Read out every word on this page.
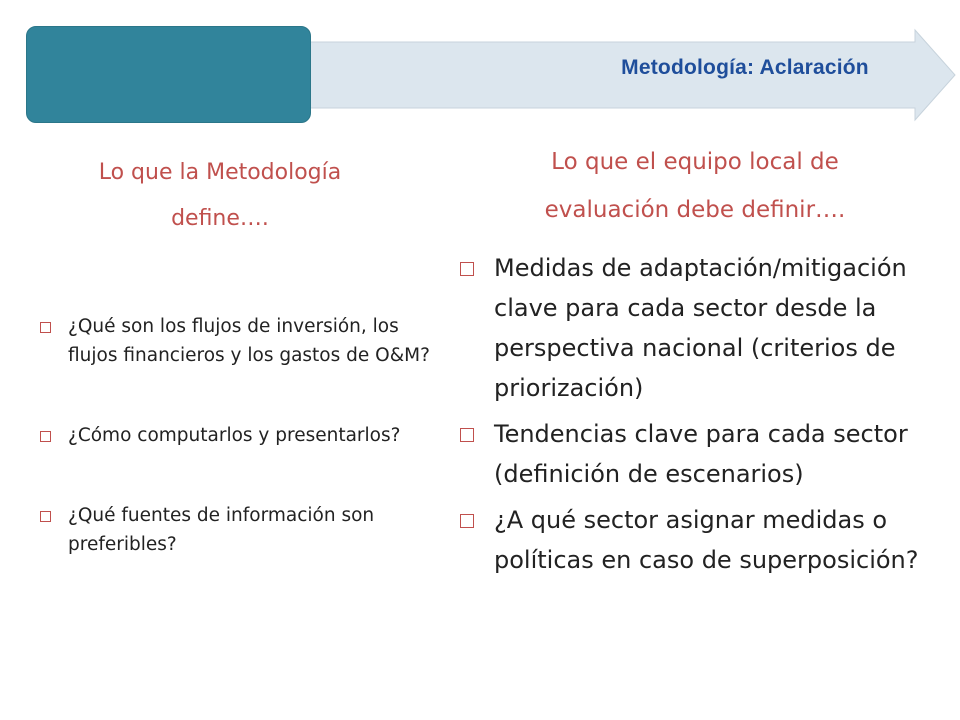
Metodología: Aclaración
Lo que la Metodología
define….
¿Qué son los flujos de inversión, los flujos financieros y los gastos de O&M?
¿Cómo computarlos y presentarlos?
¿Qué fuentes de información son preferibles?
Lo que el equipo local de
evaluación debe definir….
Medidas de adaptación/mitigación clave para cada sector desde la perspectiva nacional (criterios de priorización)
Tendencias clave para cada sector (definición de escenarios)
¿A qué sector asignar medidas o políticas en caso de superposición?
